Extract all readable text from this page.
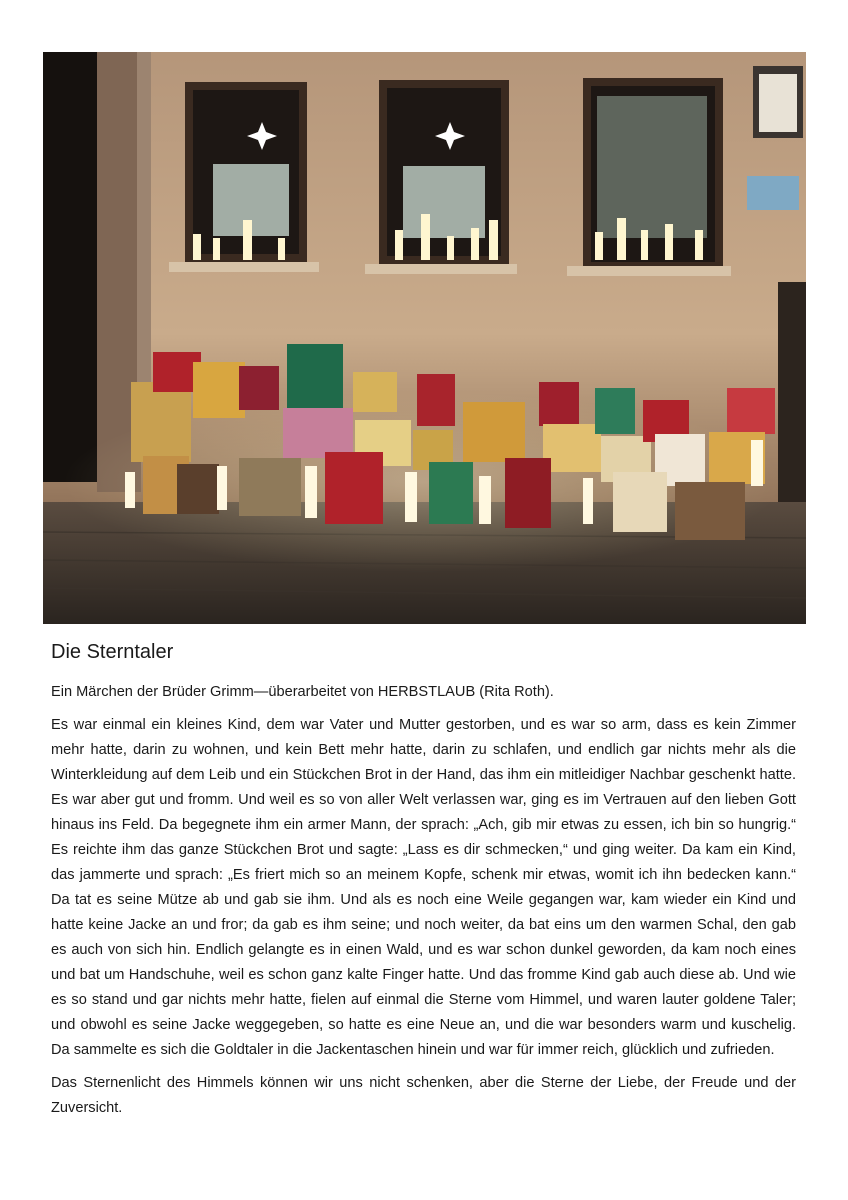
Die Sterntaler

Ein Märchen der Brüder Grimm—überarbeitet von HERBSTLAUB (Rita Roth).

Es war einmal ein kleines Kind, dem war Vater und Mutter gestorben, und es war so arm, dass es kein Zimmer mehr hatte, darin zu wohnen, und kein Bett mehr hatte, darin zu schlafen, und endlich gar nichts mehr als die Winterkleidung auf dem Leib und ein Stückchen Brot in der Hand, das ihm ein mitleidiger Nachbar geschenkt hatte. Es war aber gut und fromm. Und weil es so von aller Welt verlassen war, ging es im Vertrauen auf den lieben Gott hinaus ins Feld. Da begegnete ihm ein armer Mann, der sprach: „Ach, gib mir etwas zu essen, ich bin so hungrig.“ Es reichte ihm das ganze Stückchen Brot und sagte: „Lass es dir schmecken,“ und ging weiter. Da kam ein Kind, das jammerte und sprach: „Es friert mich so an meinem Kopfe, schenk mir etwas, womit ich ihn bedecken kann.“ Da tat es seine Mütze ab und gab sie ihm. Und als es noch eine Weile gegangen war, kam wieder ein Kind und hatte keine Jacke an und fror; da gab es ihm seine; und noch weiter, da bat eins um den warmen Schal, den gab es auch von sich hin. Endlich gelangte es in einen Wald, und es war schon dunkel geworden, da kam noch eines und bat um Handschuhe, weil es schon ganz kalte Finger hatte. Und das fromme Kind gab auch diese ab. Und wie es so stand und gar nichts mehr hatte, fielen auf einmal die Sterne vom Himmel, und waren lauter goldene Taler; und obwohl es seine Jacke weggegeben, so hatte es eine Neue an, und die war besonders warm und kuschelig. Da sammelte es sich die Goldtaler in die Jackentaschen hinein und war für immer reich, glücklich und zufrieden.

Das Sternenlicht des Himmels können wir uns nicht schenken, aber die Sterne der Liebe, der Freude und der Zuversicht.
